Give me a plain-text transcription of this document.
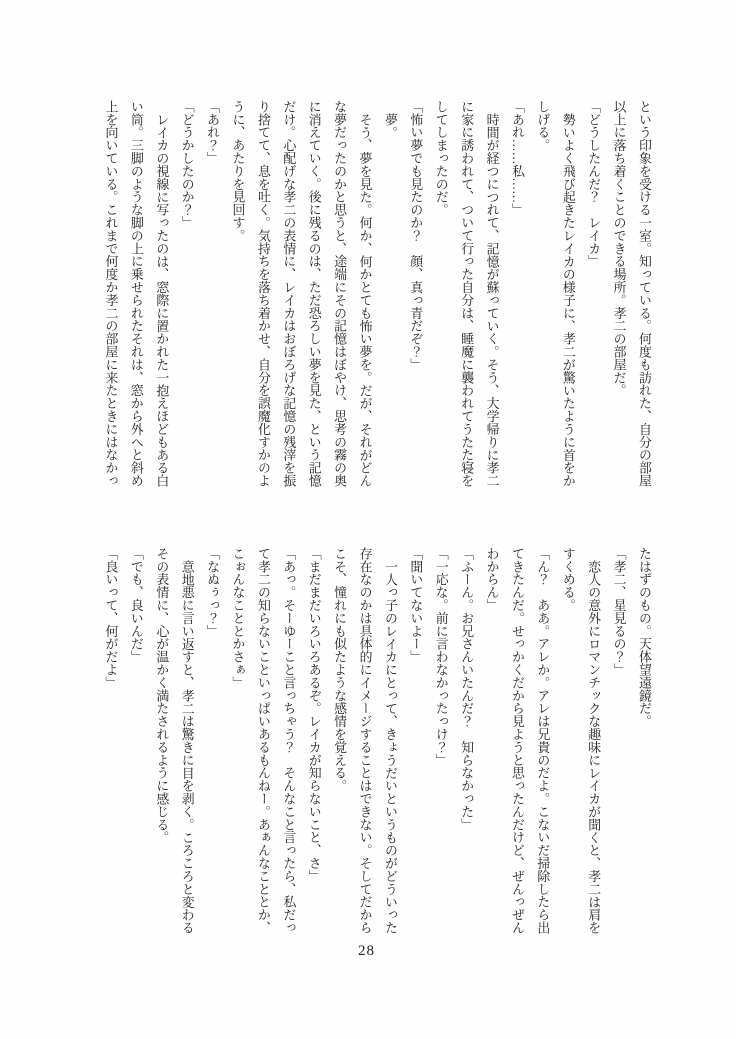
という印象を受ける一室。知っている。何度も訪れた、自分の部屋

以上に落ち着くことのできる場所。孝二の部屋だ。

「どうしたんだ？　レイカ」

勢いよく飛び起きたレイカの様子に、孝二が驚いたように首をか

しげる。

「あれ……私……」

時間が経つにつれて、記憶が蘇っていく。そう、大学帰りに孝二

に家に誘われて、ついて行った自分は、睡魔に襲われてうたた寝を

してしまったのだ。

「怖い夢でも見たのか？　顔、真っ青だぞ？」

夢。

そう、夢を見た。何か、何かとても怖い夢を。だが、それがどん

な夢だったのかと思うと、途端にその記憶はぼやけ、思考の霧の奥

に消えていく。後に残るのは、ただ恐ろしい夢を見た、という記憶

だけ。心配げな孝二の表情に、レイカはおぼろげな記憶の残滓を振

り捨てて、息を吐く。気持ちを落ち着かせ、自分を誤魔化すかのよ

うに、あたりを見回す。

「あれ？」

「どうかしたのか？」

レイカの視線に写ったのは、窓際に置かれた一抱えほどもある白

い筒。三脚のような脚の上に乗せられたそれは、窓から外へと斜め

上を向いている。これまで何度か孝二の部屋に来たときにはなかっ

たはずのもの。天体望遠鏡だ。

「孝二、星見るの？」

恋人の意外にロマンチックな趣味にレイカが聞くと、孝二は肩を

すくめる。

「ん？　ああ。アレか。アレは兄貴のだよ。こないだ掃除したら出

てきたんだ。せっかくだから見ようと思ったんだけど、ぜんっぜん

わからん」

「ふーん。お兄さんいたんだ？　知らなかった」

「一応な。前に言わなかったっけ？」

「聞いてないよー」

一人っ子のレイカにとって、きょうだいというものがどういった

存在なのかは具体的にイメージすることはできない。そしてだから

こそ、憧れにも似たような感情を覚える。

「まだまだいろいろあるぞ。レイカが知らないこと、さ」

「あっ。そーゆーこと言っちゃう？　そんなこと言ったら、私だっ

て孝二の知らないこといっぱいあるもんねー。あぁんなこととか、

こぉんなこととかさぁ」

「なぬぅっ？」

意地悪に言い返すと、孝二は驚きに目を剥く。ころころと変わる

その表情に、心が温かく満たされるように感じる。

「でも、良いんだ」

「良いって、何がだよ」

28
